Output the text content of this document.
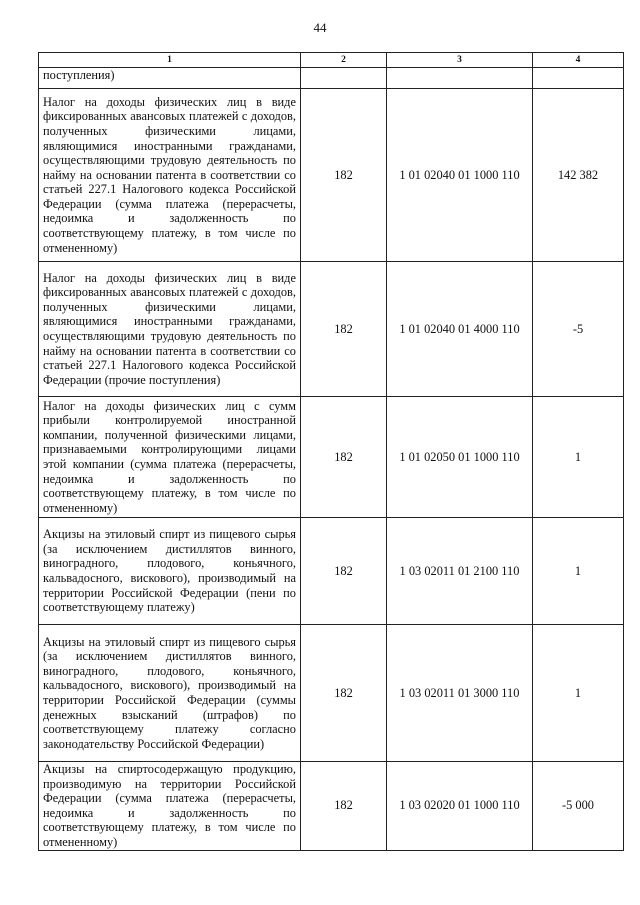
44
1	2	3	4
поступления)			
Налог на доходы физических лиц в виде фиксированных авансовых платежей с доходов, полученных физическими лицами, являющимися иностранными гражданами, осуществляющими трудовую деятельность по найму на основании патента в соответствии со статьей 227.1 Налогового кодекса Российской Федерации (сумма платежа (перерасчеты, недоимка и задолженность по соответствующему платежу, в том числе по отмененному)	182	1 01 02040 01 1000 110	142 382
Налог на доходы физических лиц в виде фиксированных авансовых платежей с доходов, полученных физическими лицами, являющимися иностранными гражданами, осуществляющими трудовую деятельность по найму на основании патента в соответствии со статьей 227.1 Налогового кодекса Российской Федерации (прочие поступления)	182	1 01 02040 01 4000 110	-5
Налог на доходы физических лиц с сумм прибыли контролируемой иностранной компании, полученной физическими лицами, признаваемыми контролирующими лицами этой компании (сумма платежа (перерасчеты, недоимка и задолженность по соответствующему платежу, в том числе по отмененному)	182	1 01 02050 01 1000 110	1
Акцизы на этиловый спирт из пищевого сырья (за исключением дистиллятов винного, виноградного, плодового, коньячного, кальвадосного, вискового), производимый на территории Российской Федерации (пени по соответствующему платежу)	182	1 03 02011 01 2100 110	1
Акцизы на этиловый спирт из пищевого сырья (за исключением дистиллятов винного, виноградного, плодового, коньячного, кальвадосного, вискового), производимый на территории Российской Федерации (суммы денежных взысканий (штрафов) по соответствующему платежу согласно законодательству Российской Федерации)	182	1 03 02011 01 3000 110	1
Акцизы на спиртосодержащую продукцию, производимую на территории Российской Федерации (сумма платежа (перерасчеты, недоимка и задолженность по соответствующему платежу, в том числе по отмененному)	182	1 03 02020 01 1000 110	-5 000
